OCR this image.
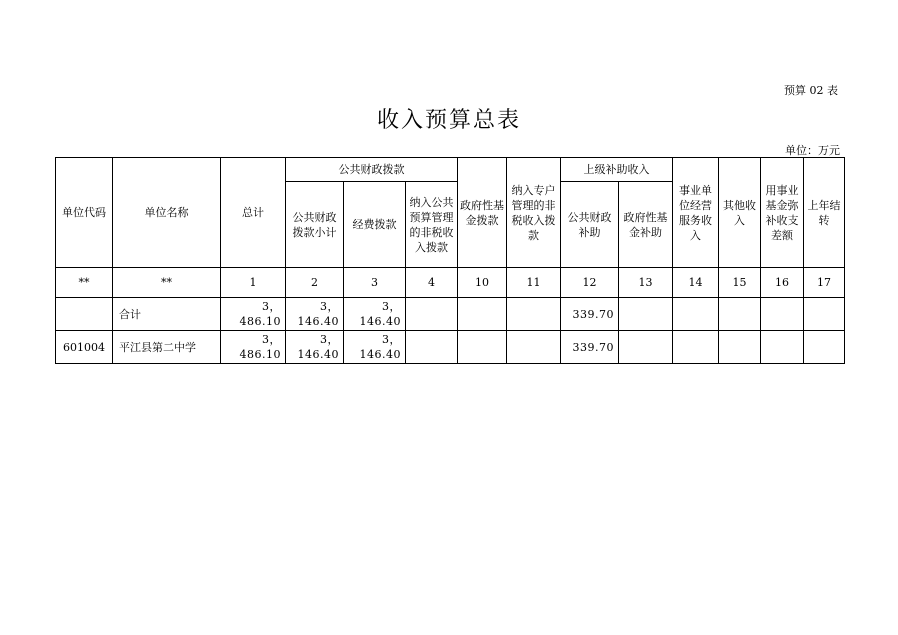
预算 02 表
收入预算总表
单位：万元
单位代码	单位名称	总计	公共财政拨款			政府性基金拨款	纳入专户管理的非税收入拨款	上级补助收入		事业单位经营服务收入	其他收入	用事业基金弥补收支差额	上年结转
			公共财政拨款小计	经费拨款	纳入公共预算管理的非税收入拨款			公共财政补助	政府性基金补助				
**	**	1	2	3	4	10	11	12	13	14	15	16	17
	合计	3，486.10	3，146.40	3，146.40				339.70					
601004	平江县第二中学	3，486.10	3，146.40	3，146.40				339.70					
